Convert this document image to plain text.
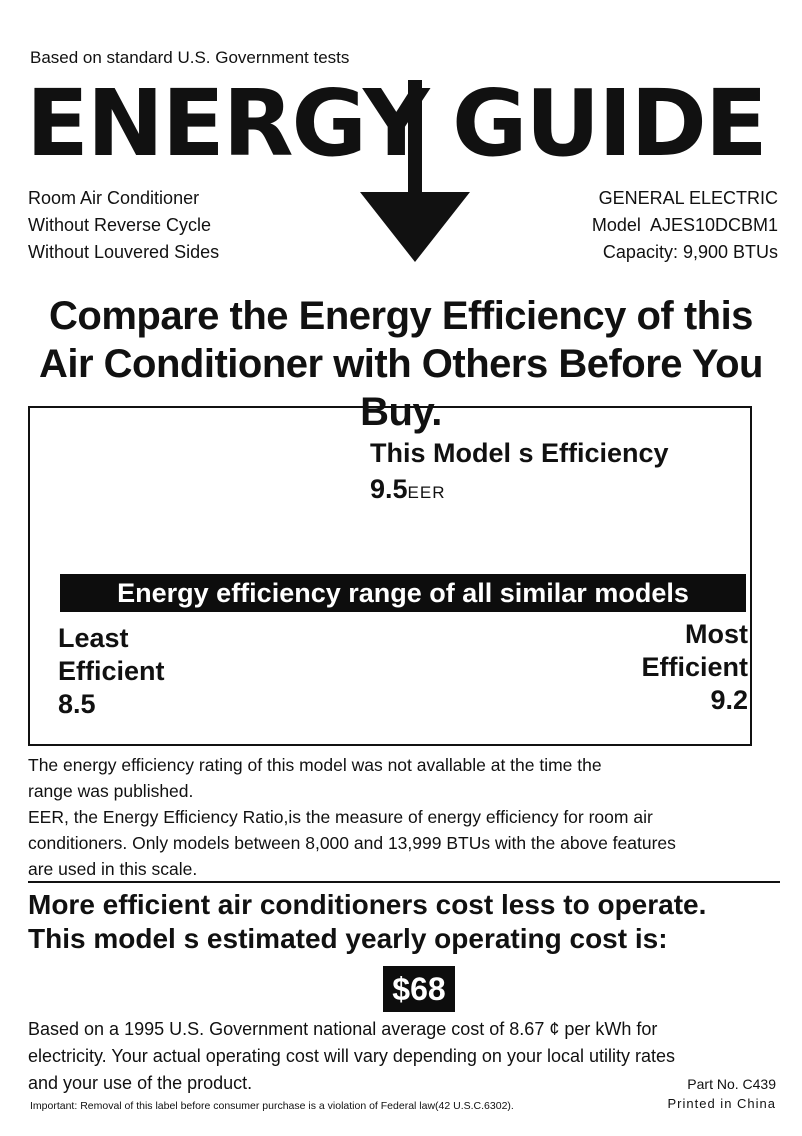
Based on standard U.S. Government tests
ENERGY GUIDE
Room Air Conditioner
Without Reverse Cycle
Without Louvered Sides
GENERAL ELECTRIC
Model  AJES10DCBM1
Capacity: 9,900 BTUs
Compare the Energy Efficiency of this
Air Conditioner with Others Before You Buy.
This Model s Efficiency
9.5EER
Energy efficiency range of all similar models
Least
Efficient
8.5
Most
Efficient
9.2
The energy efficiency rating of this model was not avallable at the time the
range was published.
EER, the Energy Efficiency Ratio,is the measure of energy efficiency for room air
conditioners. Only models between 8,000 and 13,999 BTUs with the above features
are used in this scale.
More efficient air conditioners cost less to operate.
This model s estimated yearly operating cost is:
$68
Based on a 1995 U.S. Government national average cost of 8.67 ¢ per kWh for
electricity. Your actual operating cost will vary depending on your local utility rates
and your use of the product.	Part No. C439
Printed in China
Important: Removal of this label before consumer purchase is a violation of Federal law(42 U.S.C.6302).
